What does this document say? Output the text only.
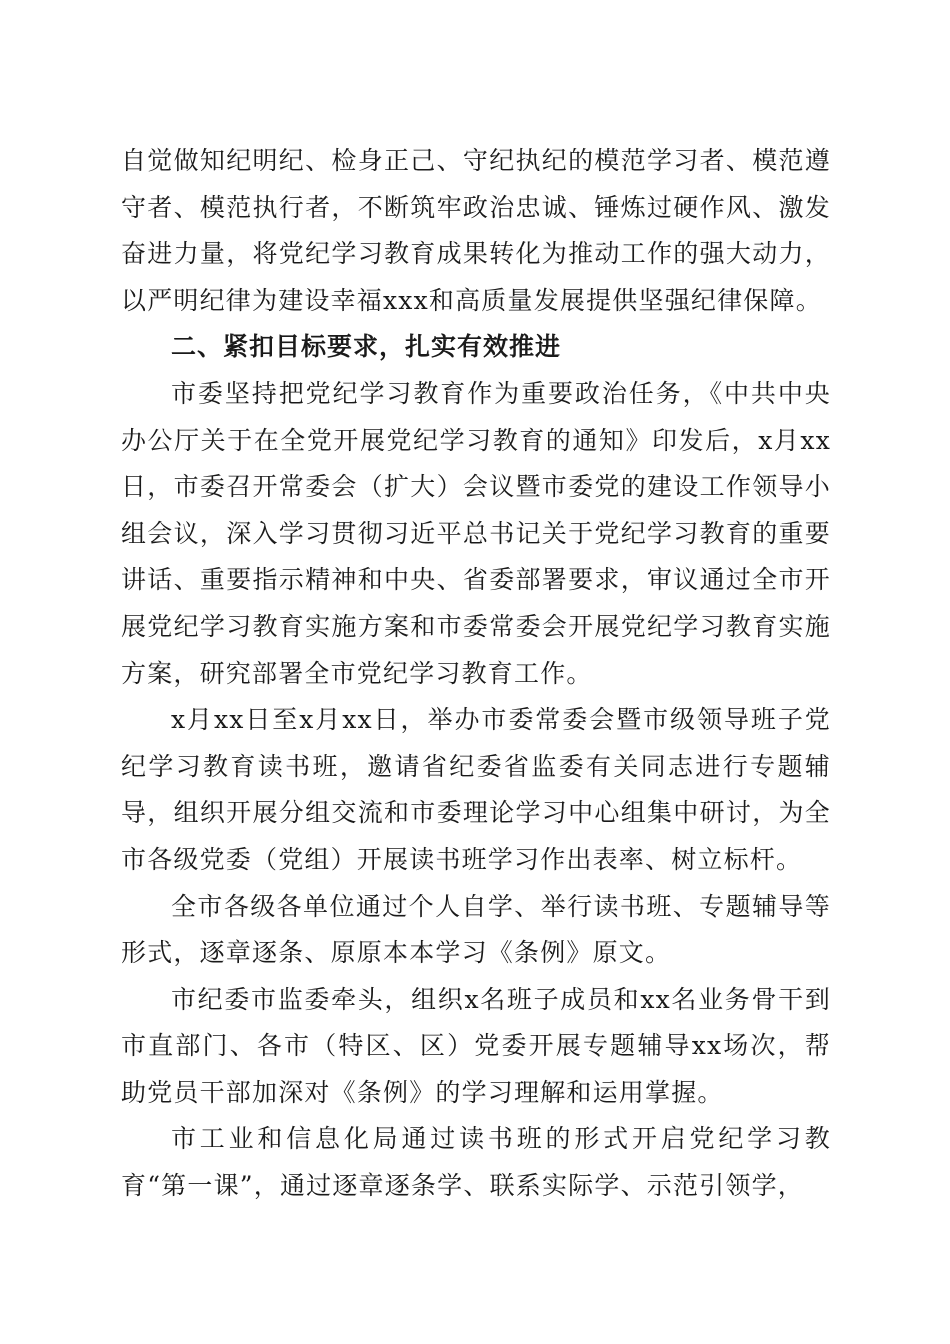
自觉做知纪明纪、检身正己、守纪执纪的模范学习者、模范遵守者、模范执行者，不断筑牢政治忠诚、锤炼过硬作风、激发奋进力量，将党纪学习教育成果转化为推动工作的强大动力，以严明纪律为建设幸福xxx和高质量发展提供坚强纪律保障。

二、紧扣目标要求，扎实有效推进

市委坚持把党纪学习教育作为重要政治任务，《中共中央办公厅关于在全党开展党纪学习教育的通知》印发后，x月xx日，市委召开常委会（扩大）会议暨市委党的建设工作领导小组会议，深入学习贯彻习近平总书记关于党纪学习教育的重要讲话、重要指示精神和中央、省委部署要求，审议通过全市开展党纪学习教育实施方案和市委常委会开展党纪学习教育实施方案，研究部署全市党纪学习教育工作。

x月xx日至x月xx日，举办市委常委会暨市级领导班子党纪学习教育读书班，邀请省纪委省监委有关同志进行专题辅导，组织开展分组交流和市委理论学习中心组集中研讨，为全市各级党委（党组）开展读书班学习作出表率、树立标杆。

全市各级各单位通过个人自学、举行读书班、专题辅导等形式，逐章逐条、原原本本学习《条例》原文。

市纪委市监委牵头，组织x名班子成员和xx名业务骨干到市直部门、各市（特区、区）党委开展专题辅导xx场次，帮助党员干部加深对《条例》的学习理解和运用掌握。

市工业和信息化局通过读书班的形式开启党纪学习教育“第一课”，通过逐章逐条学、联系实际学、示范引领学，
